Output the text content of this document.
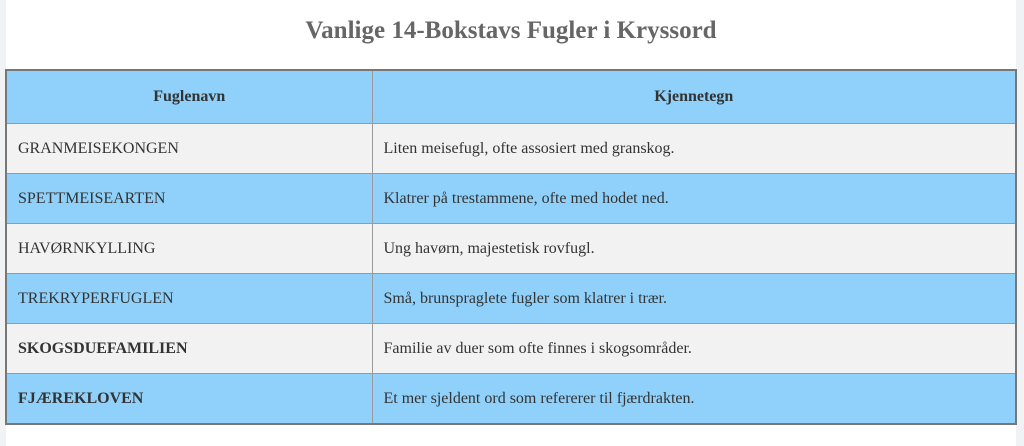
Vanlige 14-Bokstavs Fugler i Kryssord
Fuglenavn	Kjennetegn
GRANMEISEKONGEN	Liten meisefugl, ofte assosiert med granskog.
SPETTMEISEARTEN	Klatrer på trestammene, ofte med hodet ned.
HAVØRNKYLLING	Ung havørn, majestetisk rovfugl.
TREKRYPERFUGLEN	Små, brunspraglete fugler som klatrer i trær.
SKOGSDUEFAMILIEN	Familie av duer som ofte finnes i skogsområder.
FJÆREKLOVEN	Et mer sjeldent ord som refererer til fjærdrakten.
